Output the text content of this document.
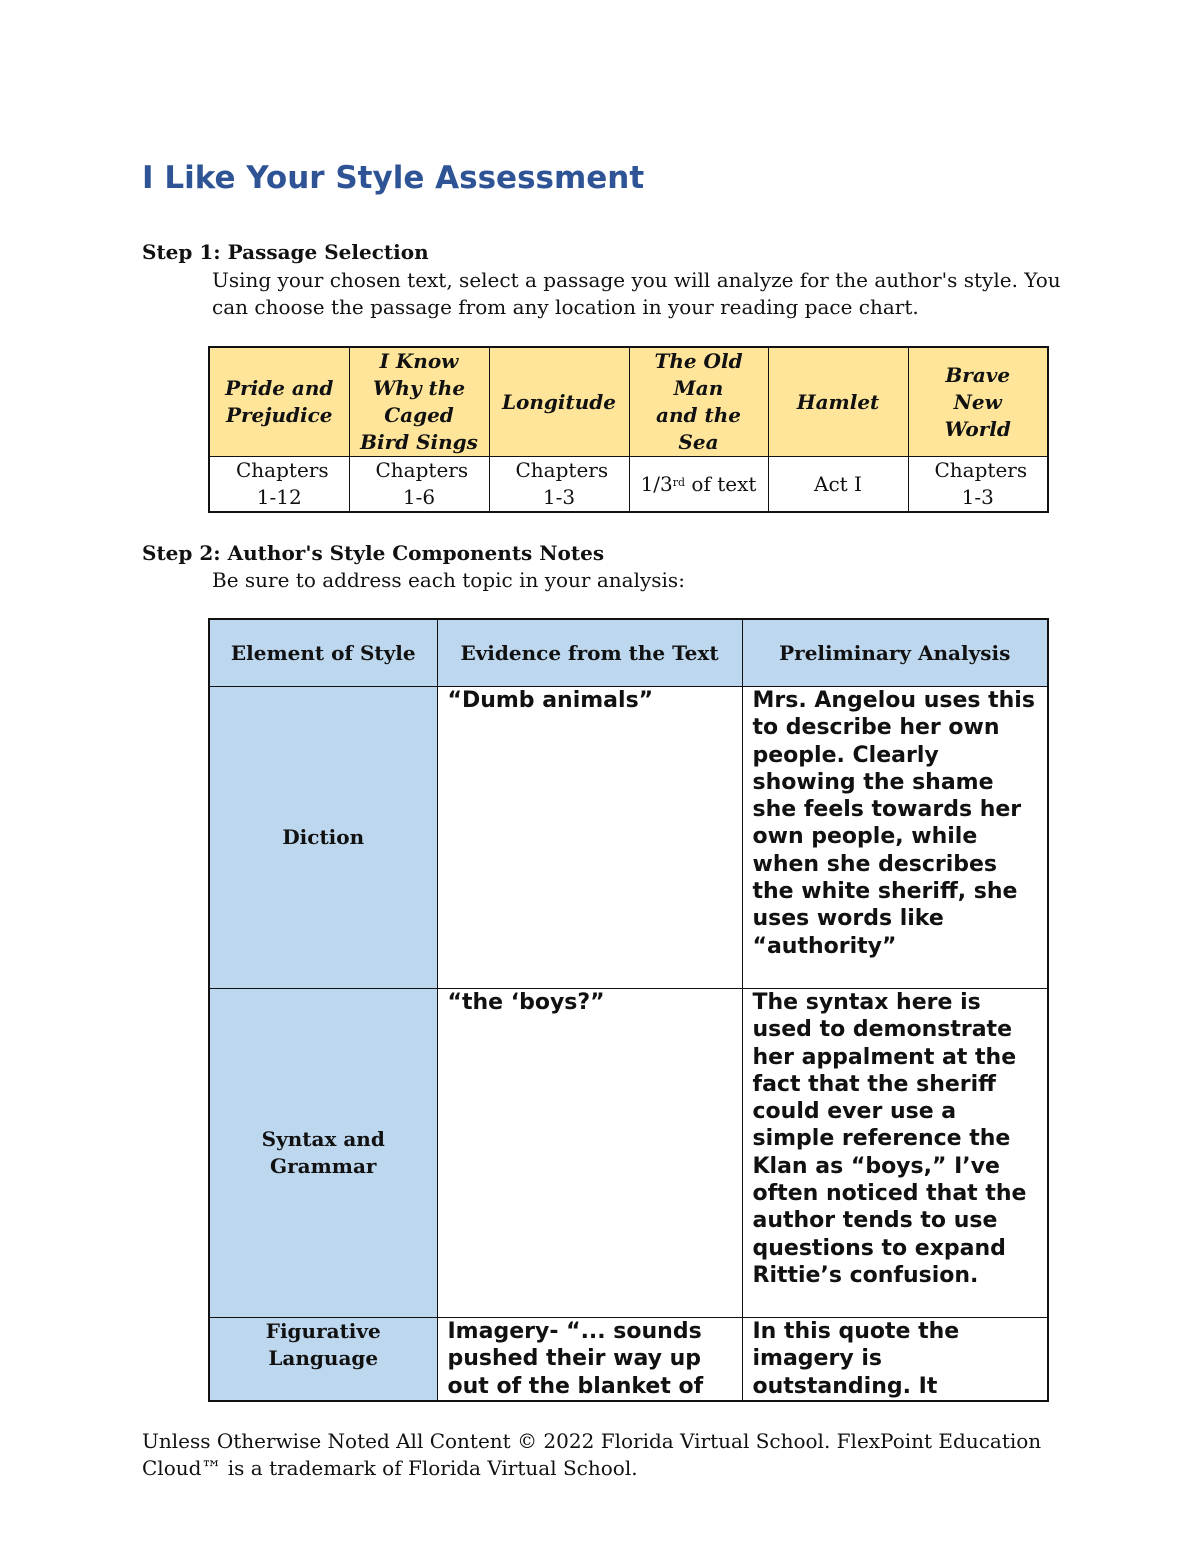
I Like Your Style Assessment

Step 1: Passage Selection

Using your chosen text, select a passage you will analyze for the author's style. You can choose the passage from any location in your reading pace chart.

Pride and Prejudice	I Know Why the Caged Bird Sings	Longitude	The Old Man and the Sea	Hamlet	Brave New World

Chapters 1-12	Chapters 1-6	Chapters 1-3	1/3rd of text	Act I	Chapters 1-3

Step 2: Author's Style Components Notes

Be sure to address each topic in your analysis:

Element of Style	Evidence from the Text	Preliminary Analysis
Diction	“Dumb animals”	Mrs. Angelou uses this to describe her own people. Clearly showing the shame she feels towards her own people, while when she describes the white sheriff, she uses words like “authority”

Syntax and Grammar	“the ‘boys?”	The syntax here is used to demonstrate her appalment at the fact that the sheriff could ever use a simple reference the Klan as “boys,” I’ve often noticed that the author tends to use questions to expand Rittie’s confusion.

Figurative Language	Imagery- “... sounds pushed their way up out of the blanket of	In this quote the imagery is outstanding. It

Unless Otherwise Noted All Content © 2022 Florida Virtual School. FlexPoint Education Cloud™ is a trademark of Florida Virtual School.
